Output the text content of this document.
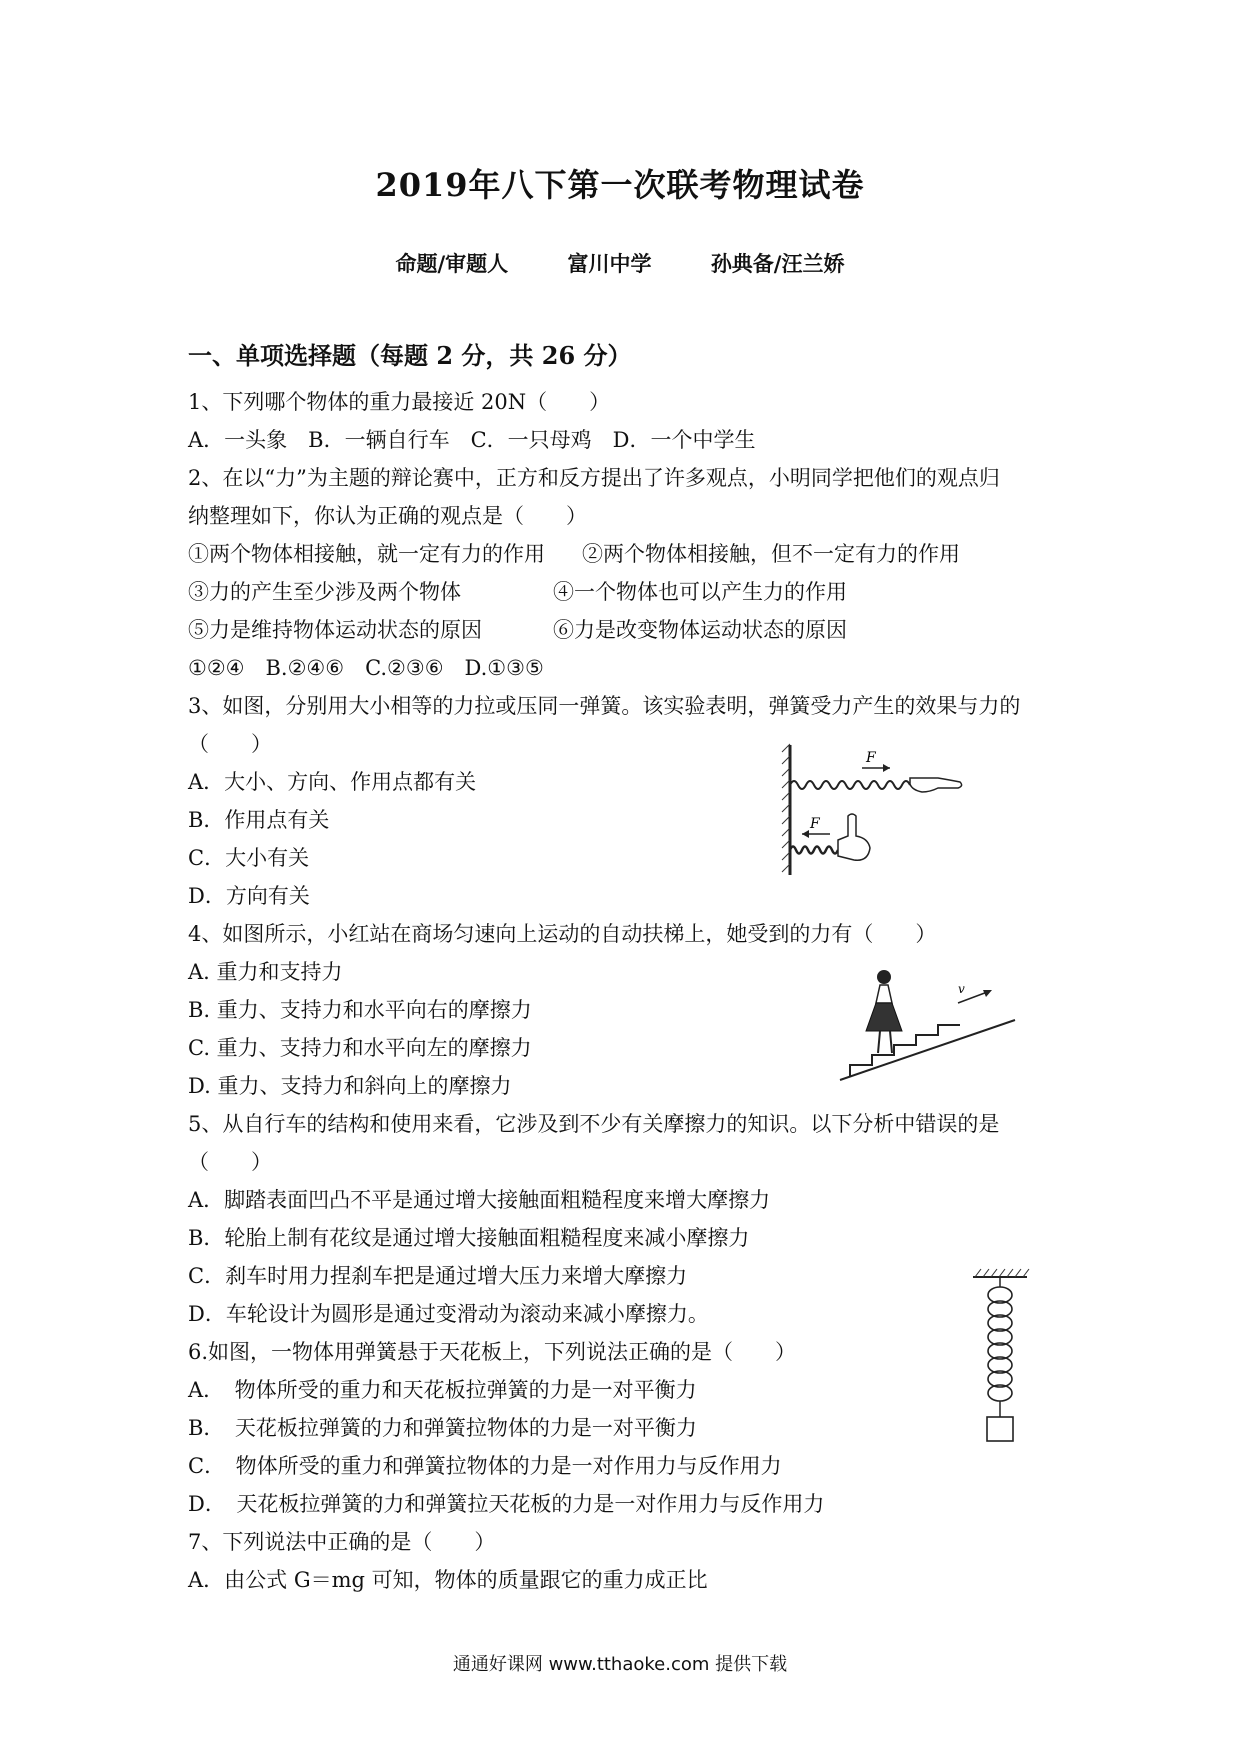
2019年八下第一次联考物理试卷
命题/审题人	富川中学	孙典备/汪兰娇
一、单项选择题（每题 2 分，共 26 分）
1、下列哪个物体的重力最接近 20N（　　）
A．一头象　B．一辆自行车　C．一只母鸡　D．一个中学生
2、在以“力”为主题的辩论赛中，正方和反方提出了许多观点，小明同学把他们的观点归
纳整理如下，你认为正确的观点是（　　）
①两个物体相接触，就一定有力的作用 ②两个物体相接触，但不一定有力的作用
③力的产生至少涉及两个物体	④一个物体也可以产生力的作用
⑤力是维持物体运动状态的原因	⑥力是改变物体运动状态的原因
①②④　B.②④⑥　C.②③⑥　D.①③⑤
3、如图，分别用大小相等的力拉或压同一弹簧。该实验表明，弹簧受力产生的效果与力的
（　　）
A．大小、方向、作用点都有关
B．作用点有关
C．大小有关
D．方向有关
F
F
4、如图所示，小红站在商场匀速向上运动的自动扶梯上，她受到的力有（　　）
A. 重力和支持力
B. 重力、支持力和水平向右的摩擦力
C. 重力、支持力和水平向左的摩擦力
D. 重力、支持力和斜向上的摩擦力
v
5、从自行车的结构和使用来看，它涉及到不少有关摩擦力的知识。以下分析中错误的是
（　　）
A．脚踏表面凹凸不平是通过增大接触面粗糙程度来增大摩擦力
B．轮胎上制有花纹是通过增大接触面粗糙程度来减小摩擦力
C．刹车时用力捏刹车把是通过增大压力来增大摩擦力
D．车轮设计为圆形是通过变滑动为滚动来减小摩擦力。
6.如图，一物体用弹簧悬于天花板上，下列说法正确的是（　　）
A．　物体所受的重力和天花板拉弹簧的力是一对平衡力
B．　天花板拉弹簧的力和弹簧拉物体的力是一对平衡力
C．　物体所受的重力和弹簧拉物体的力是一对作用力与反作用力
D．　天花板拉弹簧的力和弹簧拉天花板的力是一对作用力与反作用力
7、下列说法中正确的是（　　）
A．由公式 G＝mg 可知，物体的质量跟它的重力成正比
通通好课网 www.tthaoke.com 提供下载
